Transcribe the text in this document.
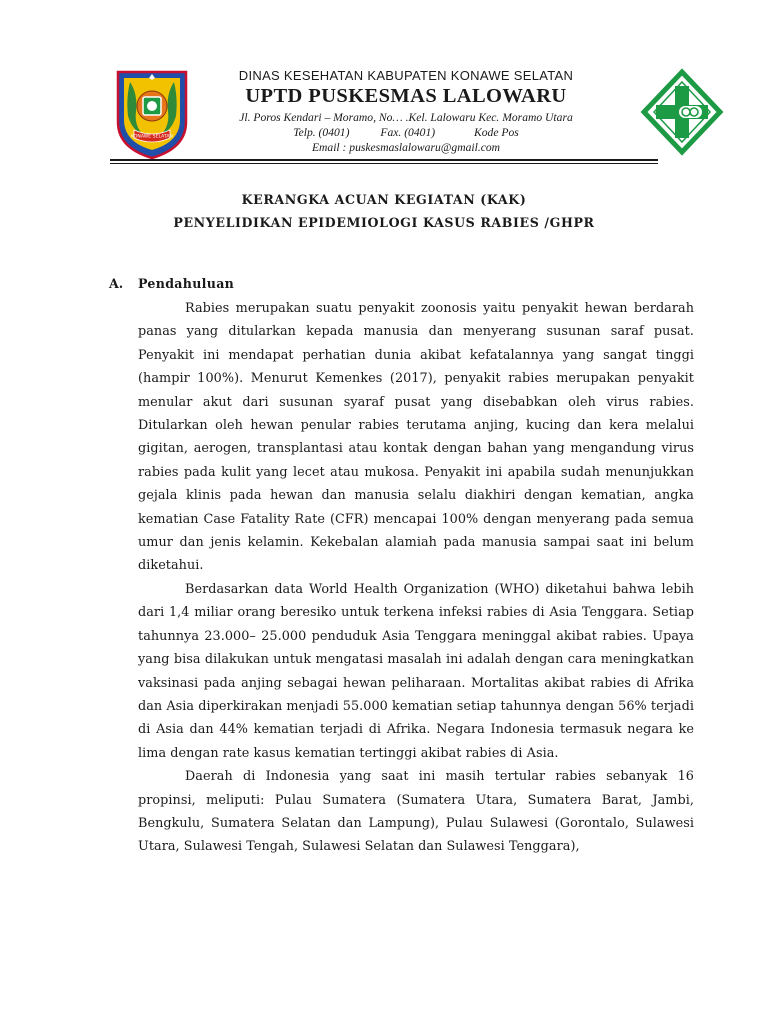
KONAWE SELATAN
DINAS KESEHATAN KABUPATEN KONAWE SELATAN
UPTD PUSKESMAS LALOWARU
Jl. Poros Kendari – Moramo, No… .Kel. Lalowaru Kec. Moramo Utara
Telp. (0401)	Fax. (0401)	Kode Pos
Email : puskesmaslalowaru@gmail.com
KERANGKA ACUAN KEGIATAN (KAK)
PENYELIDIKAN EPIDEMIOLOGI KASUS RABIES /GHPR
A. Pendahuluan

Rabies merupakan suatu penyakit zoonosis yaitu penyakit hewan berdarah panas yang ditularkan kepada manusia dan menyerang susunan saraf pusat. Penyakit ini mendapat perhatian dunia akibat kefatalannya yang sangat tinggi (hampir 100%). Menurut Kemenkes (2017), penyakit rabies merupakan penyakit menular akut dari susunan syaraf pusat yang disebabkan oleh virus rabies. Ditularkan oleh hewan penular rabies terutama anjing, kucing dan kera melalui gigitan, aerogen, transplantasi atau kontak dengan bahan yang mengandung virus rabies pada kulit yang lecet atau mukosa. Penyakit ini apabila sudah menunjukkan gejala klinis pada hewan dan manusia selalu diakhiri dengan kematian, angka kematian Case Fatality Rate (CFR) mencapai 100% dengan menyerang pada semua umur dan jenis kelamin. Kekebalan alamiah pada manusia sampai saat ini belum diketahui.

Berdasarkan data World Health Organization (WHO) diketahui bahwa lebih dari 1,4 miliar orang beresiko untuk terkena infeksi rabies di Asia Tenggara. Setiap tahunnya 23.000– 25.000 penduduk Asia Tenggara meninggal akibat rabies. Upaya yang bisa dilakukan untuk mengatasi masalah ini adalah dengan cara meningkatkan vaksinasi pada anjing sebagai hewan peliharaan. Mortalitas akibat rabies di Afrika dan Asia diperkirakan menjadi 55.000 kematian setiap tahunnya dengan 56% terjadi di Asia dan 44% kematian terjadi di Afrika. Negara Indonesia termasuk negara ke lima dengan rate kasus kematian tertinggi akibat rabies di Asia.

Daerah di Indonesia yang saat ini masih tertular rabies sebanyak 16 propinsi, meliputi: Pulau Sumatera (Sumatera Utara, Sumatera Barat, Jambi, Bengkulu, Sumatera Selatan dan Lampung), Pulau Sulawesi (Gorontalo, Sulawesi Utara, Sulawesi Tengah, Sulawesi Selatan dan Sulawesi Tenggara),
